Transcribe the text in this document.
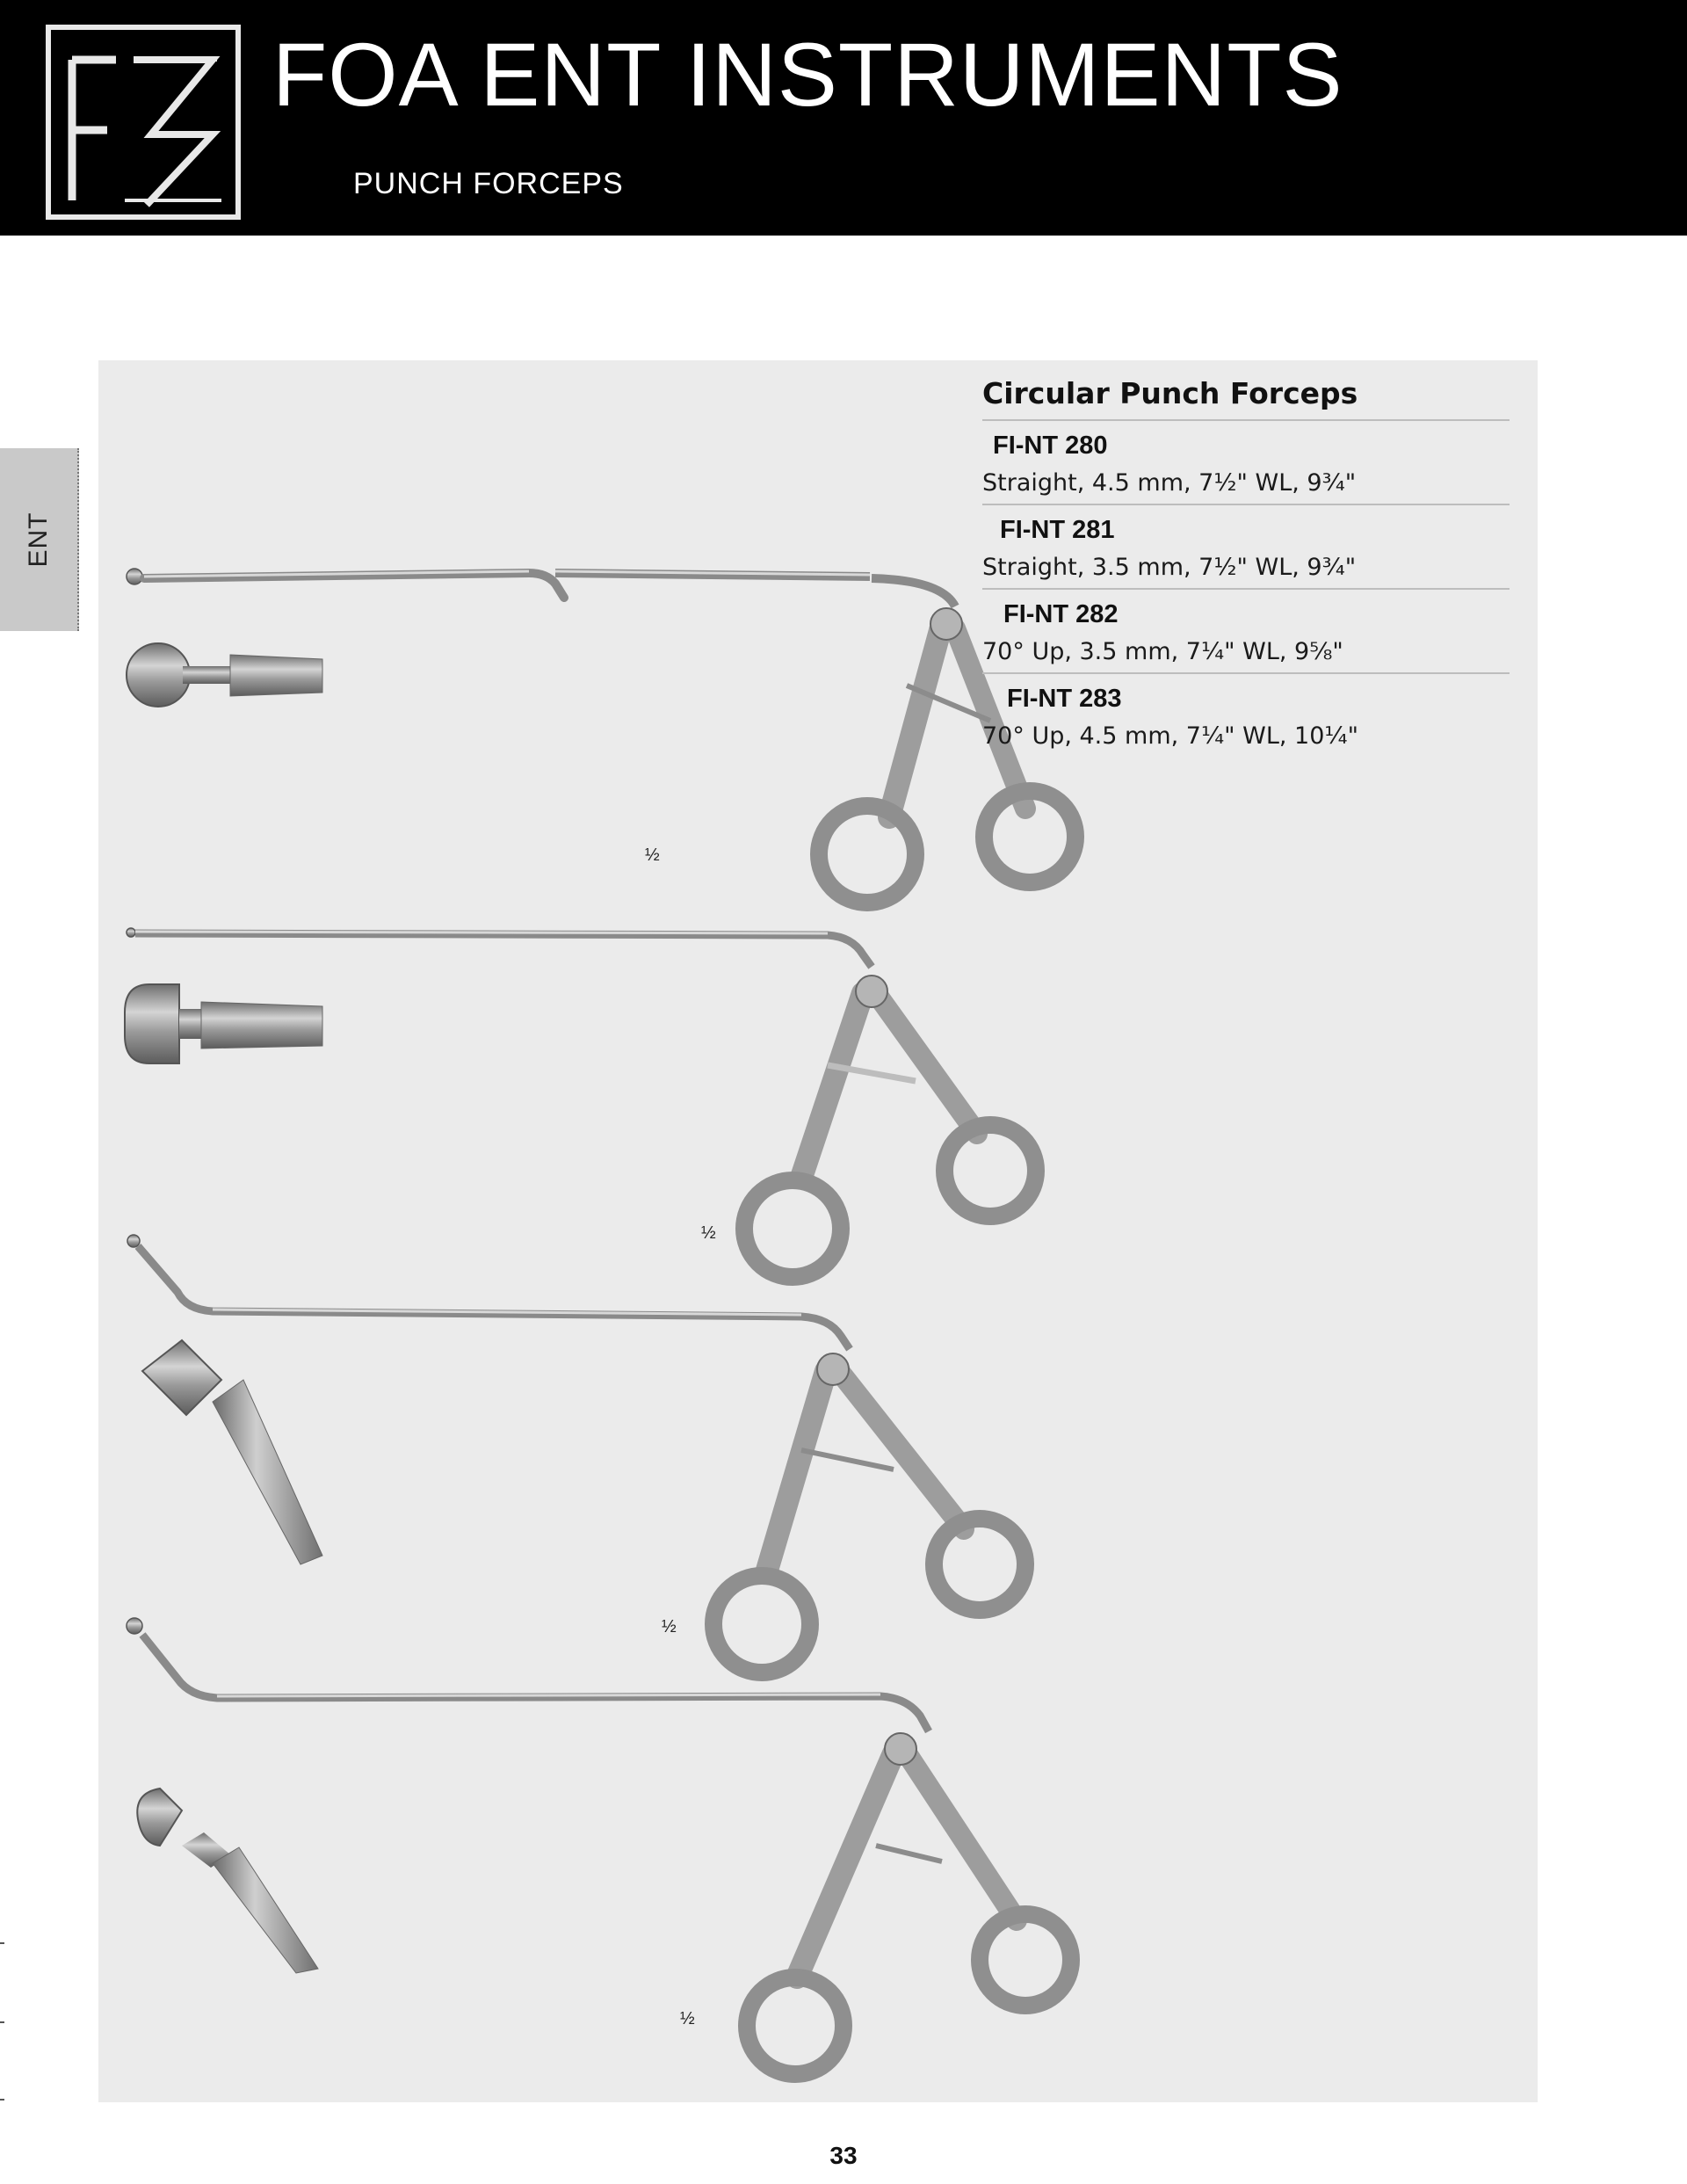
FOA ENT INSTRUMENTS
PUNCH FORCEPS
ENT
½
½
½
½
Circular Punch Forceps
FI-NT 280
Straight, 4.5 mm, 7½" WL, 9¾"
FI-NT 281
Straight, 3.5 mm, 7½" WL, 9¾"
FI-NT 282
70° Up, 3.5 mm, 7¼" WL, 9⅝"
FI-NT 283
70° Up, 4.5 mm, 7¼" WL, 10¼"
33
